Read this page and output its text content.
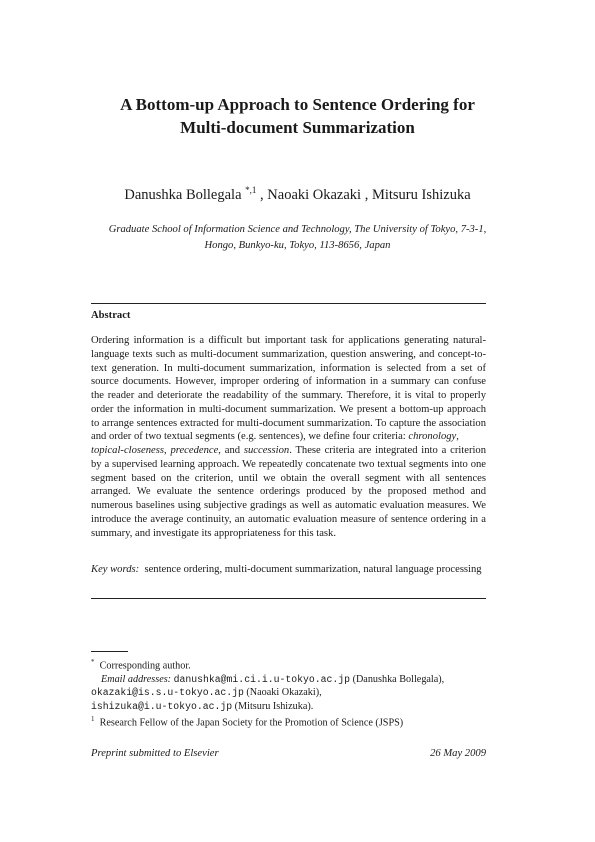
A Bottom-up Approach to Sentence Ordering for
Multi-document Summarization
Danushka Bollegala $^{*,1}$ , Naoaki Okazaki , Mitsuru Ishizuka
Graduate School of Information Science and Technology, The University of Tokyo, 7-3-1,
Hongo, Bunkyo-ku, Tokyo, 113-8656, Japan
Abstract
Ordering information is a difficult but important task for applications generating natural-language texts such as multi-document summarization, question answering, and concept-to-text generation. In multi-document summarization, information is selected from a set of source documents. However, improper ordering of information in a summary can confuse the reader and deteriorate the readability of the summary. Therefore, it is vital to properly order the information in multi-document summarization. We present a bottom-up approach to arrange sentences extracted for multi-document summarization. To capture the association and order of two textual segments (e.g. sentences), we define four criteria: chronology,
topical-closeness, precedence, and succession. These criteria are integrated into a criterion by a supervised learning approach. We repeatedly concatenate two textual segments into one segment based on the criterion, until we obtain the overall segment with all sentences arranged. We evaluate the sentence orderings produced by the proposed method and numerous baselines using subjective gradings as well as automatic evaluation measures. We introduce the average continuity, an automatic evaluation measure of sentence ordering in a summary, and investigate its appropriateness for this task.
Key words: sentence ordering, multi-document summarization, natural language processing
* Corresponding author.
Email addresses: danushka@mi.ci.i.u-tokyo.ac.jp (Danushka Bollegala),
okazaki@is.s.u-tokyo.ac.jp (Naoaki Okazaki),
ishizuka@i.u-tokyo.ac.jp (Mitsuru Ishizuka).
$^1$ Research Fellow of the Japan Society for the Promotion of Science (JSPS)
Preprint submitted to Elsevier	26 May 2009
